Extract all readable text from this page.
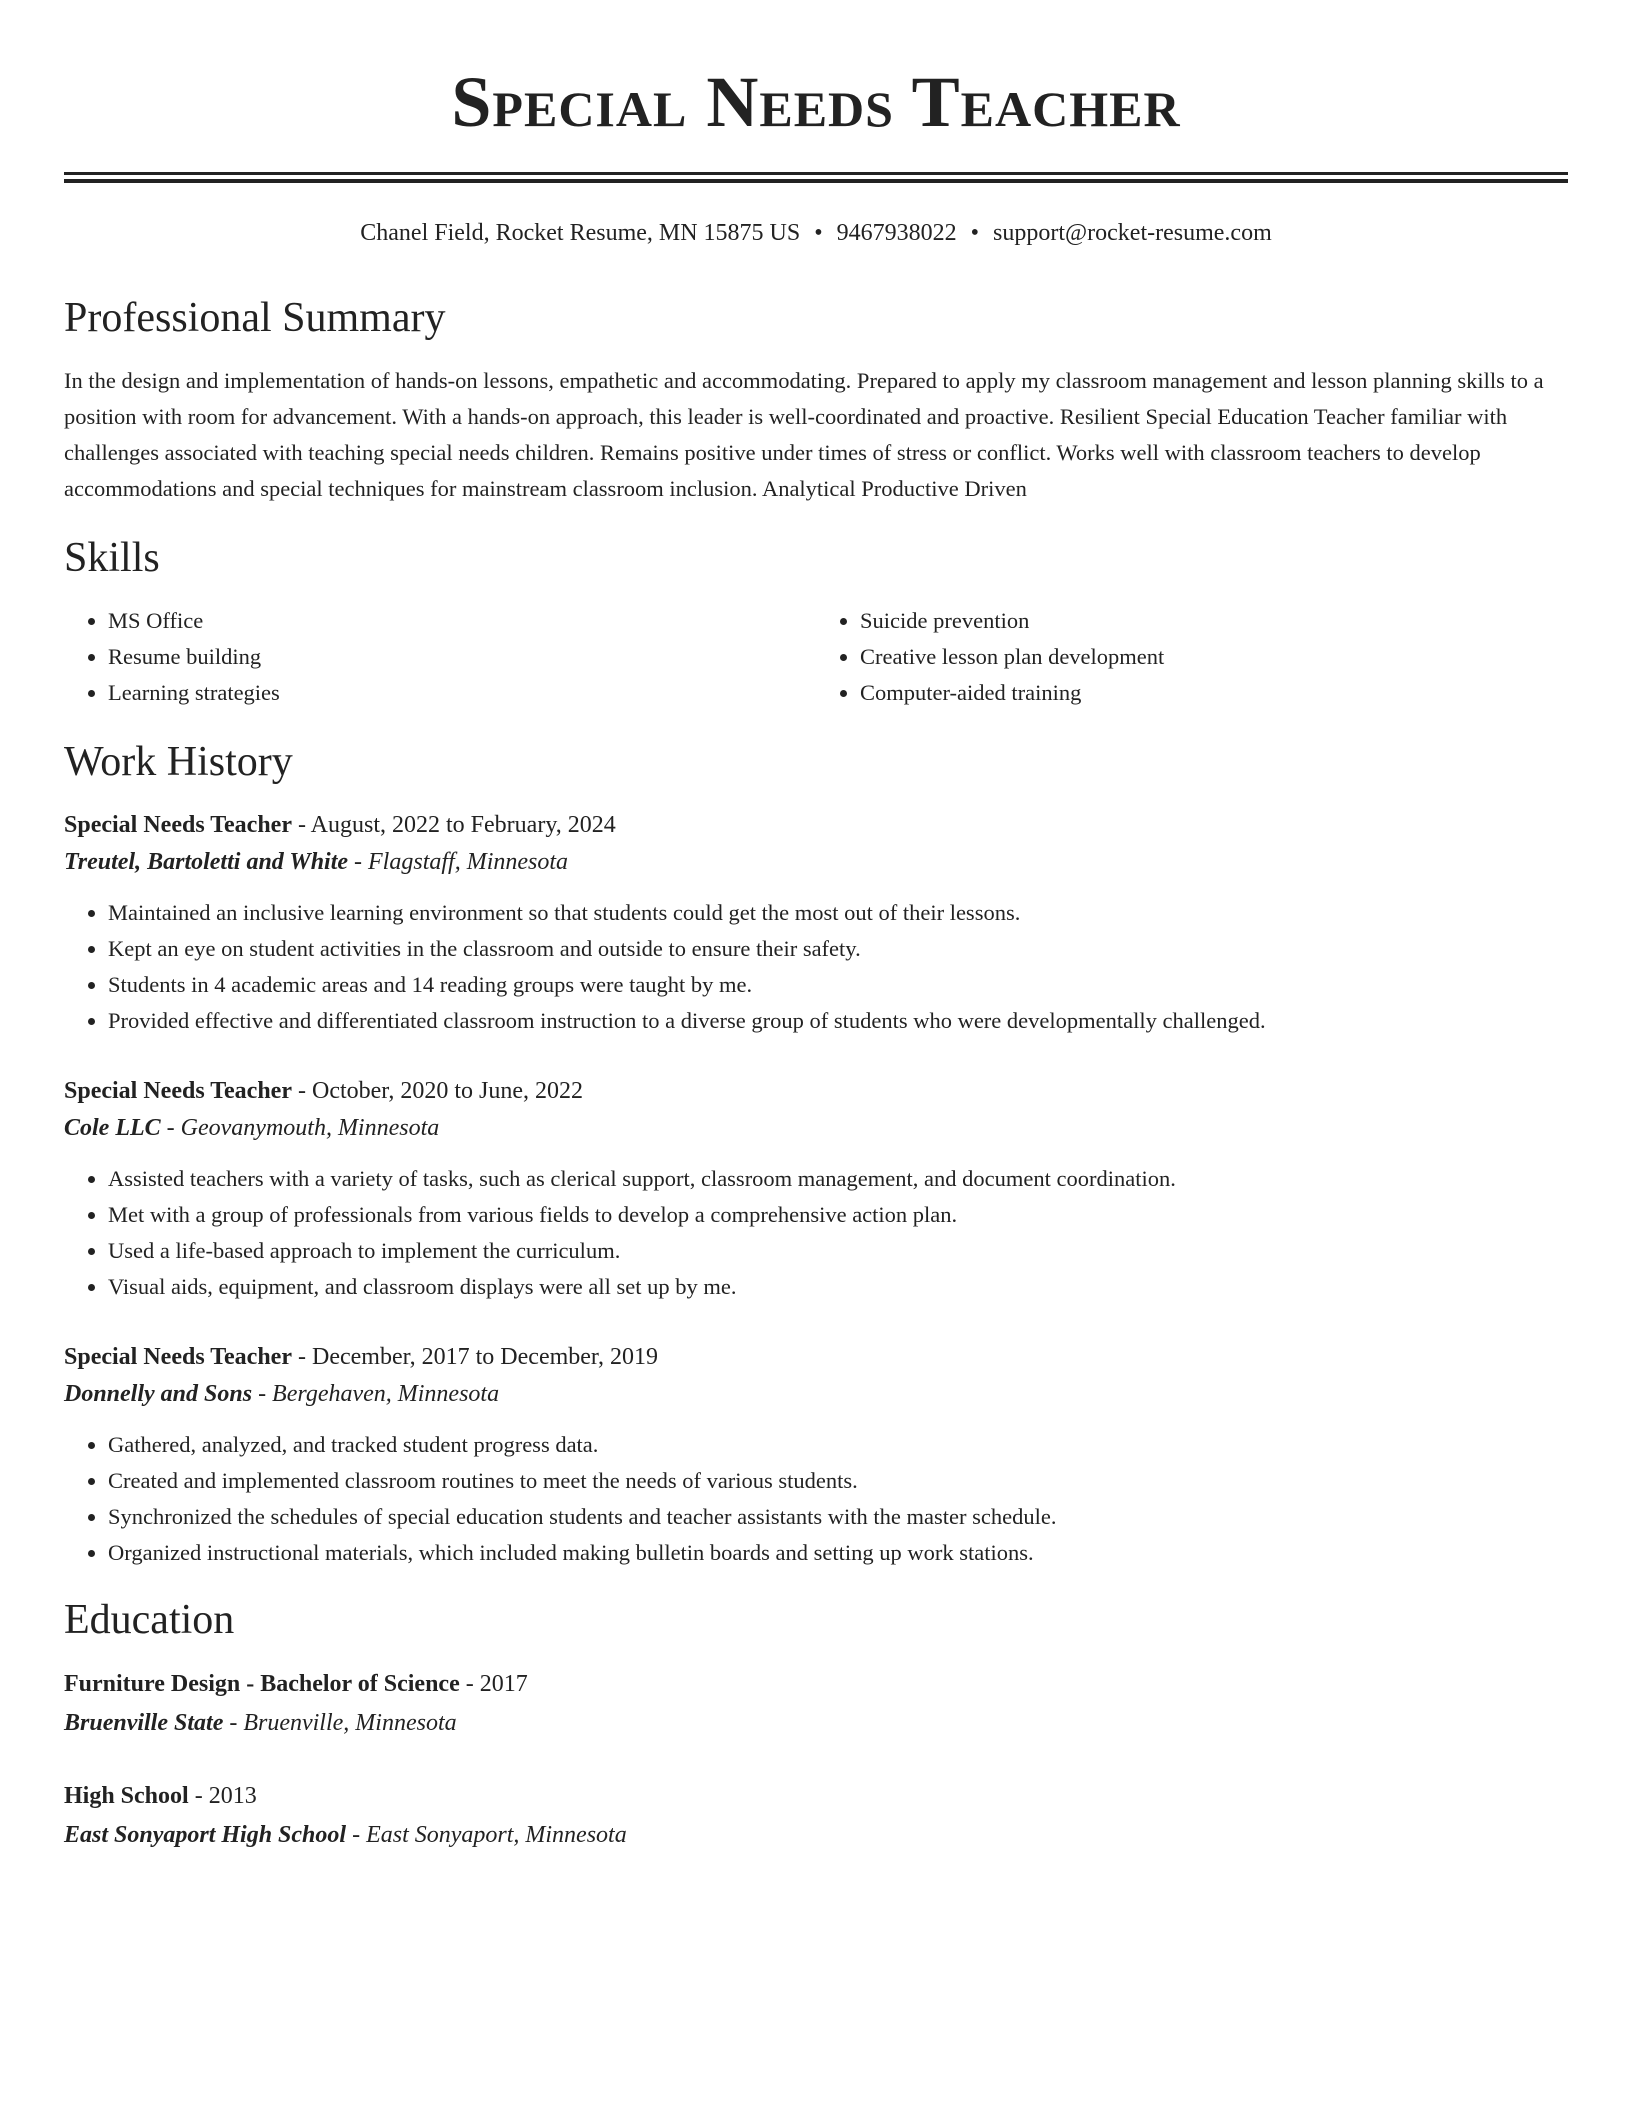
Special Needs Teacher
Chanel Field, Rocket Resume, MN 15875 US • 9467938022 • support@rocket-resume.com
Professional Summary

In the design and implementation of hands-on lessons, empathetic and accommodating. Prepared to apply my classroom management and lesson planning skills to a position with room for advancement. With a hands-on approach, this leader is well-coordinated and proactive. Resilient Special Education Teacher familiar with challenges associated with teaching special needs children. Remains positive under times of stress or conflict. Works well with classroom teachers to develop accommodations and special techniques for mainstream classroom inclusion. Analytical Productive Driven

Skills
• MS Office
• Resume building
• Learning strategies
• Suicide prevention
• Creative lesson plan development
• Computer-aided training
Work History
Special Needs Teacher - August, 2022 to February, 2024
Treutel, Bartoletti and White - Flagstaff, Minnesota
• Maintained an inclusive learning environment so that students could get the most out of their lessons.
• Kept an eye on student activities in the classroom and outside to ensure their safety.
• Students in 4 academic areas and 14 reading groups were taught by me.
• Provided effective and differentiated classroom instruction to a diverse group of students who were developmentally challenged.
Special Needs Teacher - October, 2020 to June, 2022
Cole LLC - Geovanymouth, Minnesota
• Assisted teachers with a variety of tasks, such as clerical support, classroom management, and document coordination.
• Met with a group of professionals from various fields to develop a comprehensive action plan.
• Used a life-based approach to implement the curriculum.
• Visual aids, equipment, and classroom displays were all set up by me.
Special Needs Teacher - December, 2017 to December, 2019
Donnelly and Sons - Bergehaven, Minnesota
• Gathered, analyzed, and tracked student progress data.
• Created and implemented classroom routines to meet the needs of various students.
• Synchronized the schedules of special education students and teacher assistants with the master schedule.
• Organized instructional materials, which included making bulletin boards and setting up work stations.
Education
Furniture Design - Bachelor of Science - 2017
Bruenville State - Bruenville, Minnesota
High School - 2013
East Sonyaport High School - East Sonyaport, Minnesota
